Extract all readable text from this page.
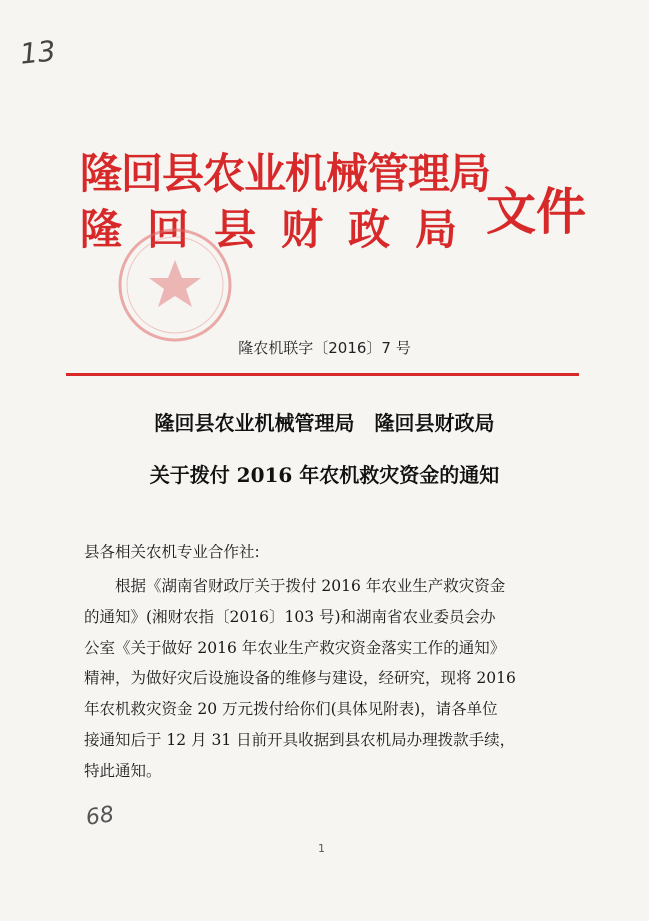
13
隆回县农业机械管理局
隆回县财政局 文件
隆农机联字〔2016〕7 号
隆回县农业机械管理局　隆回县财政局
关于拨付 2016 年农机救灾资金的通知
县各相关农机专业合作社:

根据《湖南省财政厅关于拨付 2016 年农业生产救灾资金

的通知》(湘财农指〔2016〕103 号)和湖南省农业委员会办

公室《关于做好 2016 年农业生产救灾资金落实工作的通知》

精神，为做好灾后设施设备的维修与建设，经研究，现将 2016

年农机救灾资金 20 万元拨付给你们(具体见附表)，请各单位

接通知后于 12 月 31 日前开具收据到县农机局办理拨款手续，

特此通知。

68
1
